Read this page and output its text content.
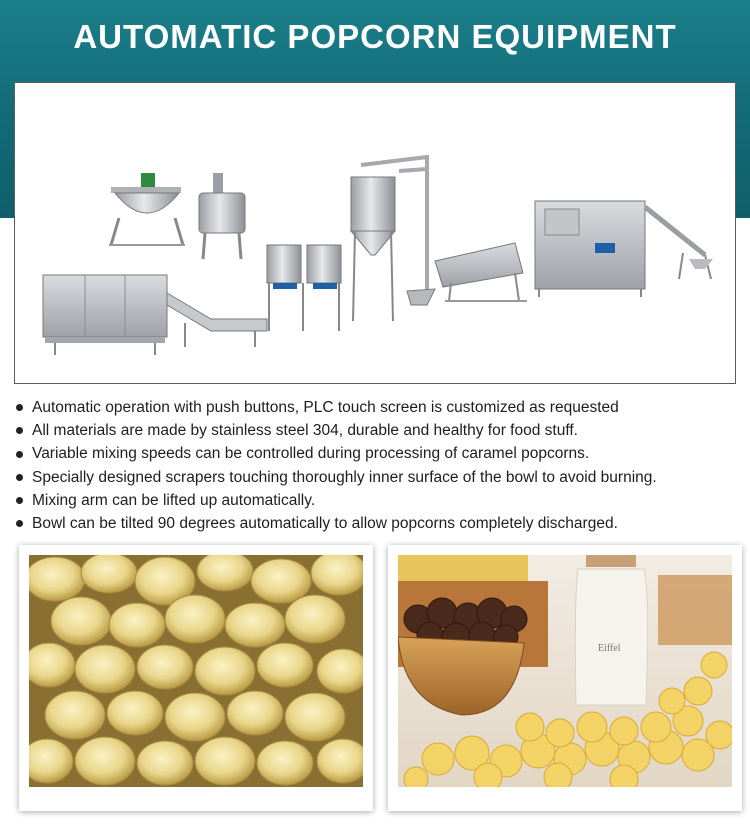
AUTOMATIC POPCORN EQUIPMENT
Automatic operation with push buttons, PLC touch screen is customized as requested
All materials are made by stainless steel 304, durable and healthy for food stuff.
Variable mixing speeds can be controlled during processing of caramel popcorns.
Specially designed scrapers touching thoroughly inner surface of the bowl to avoid burning.
Mixing arm can be lifted up automatically.
Bowl can be tilted 90 degrees automatically to allow popcorns completely discharged.
Eiffel
